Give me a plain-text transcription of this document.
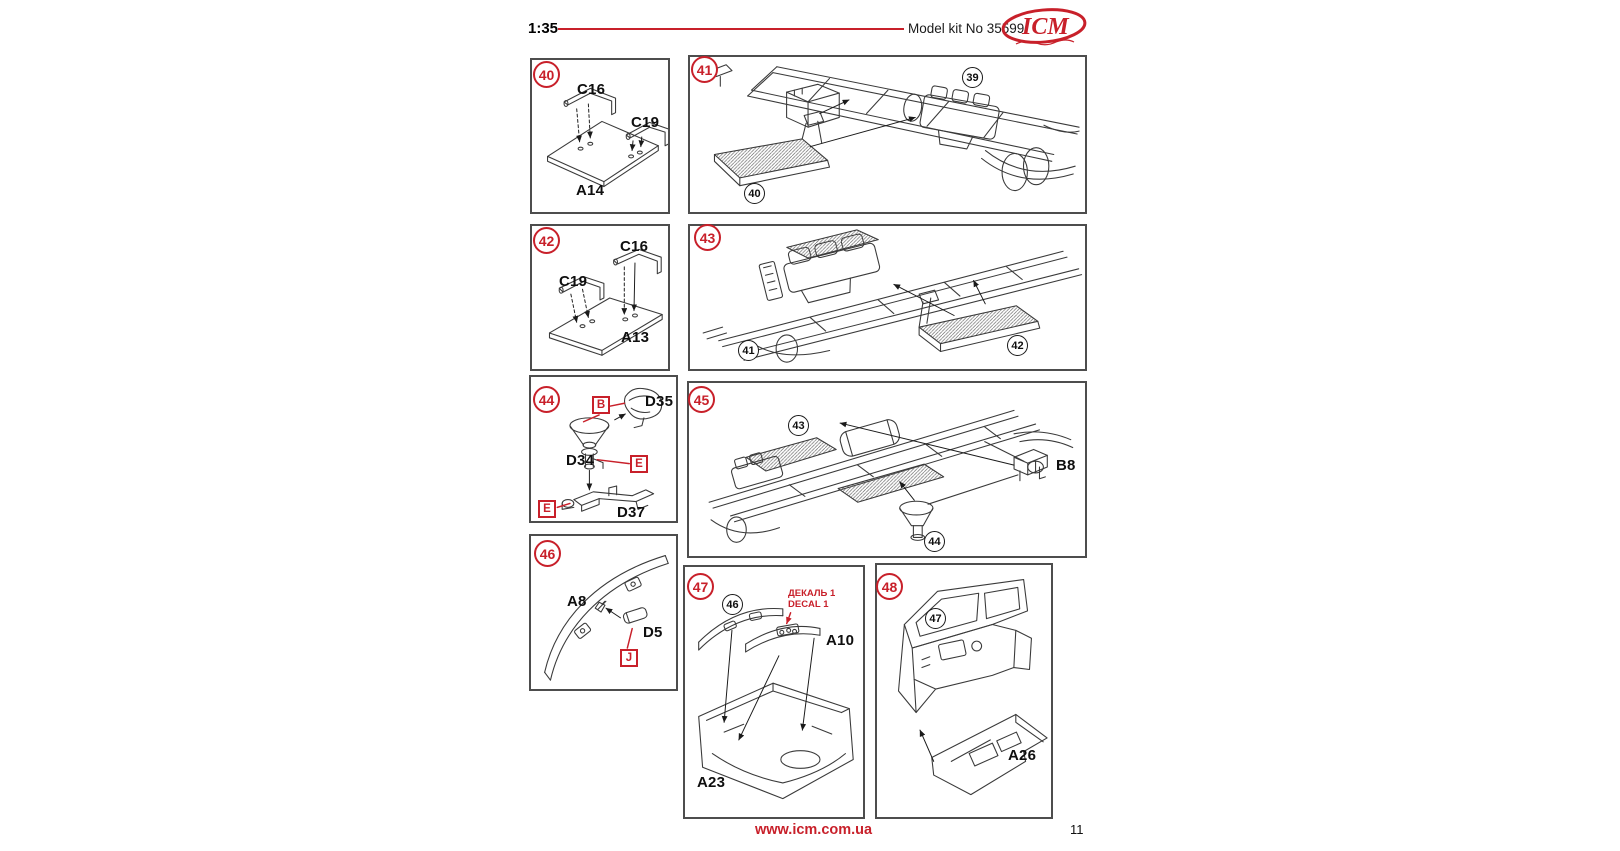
1:35	Model kit No 35599
ICM
40
C16
C19
A14
41	39
40
42	C16
C19
A13
43
41	42
44	B
E
E
D35
D34
D37
45
43
44
B8
46
A8
D5
J
47
46
ДЕКАЛЬ 1
DECAL 1
A10
A23
48
47
A26
www.icm.com.ua	11
